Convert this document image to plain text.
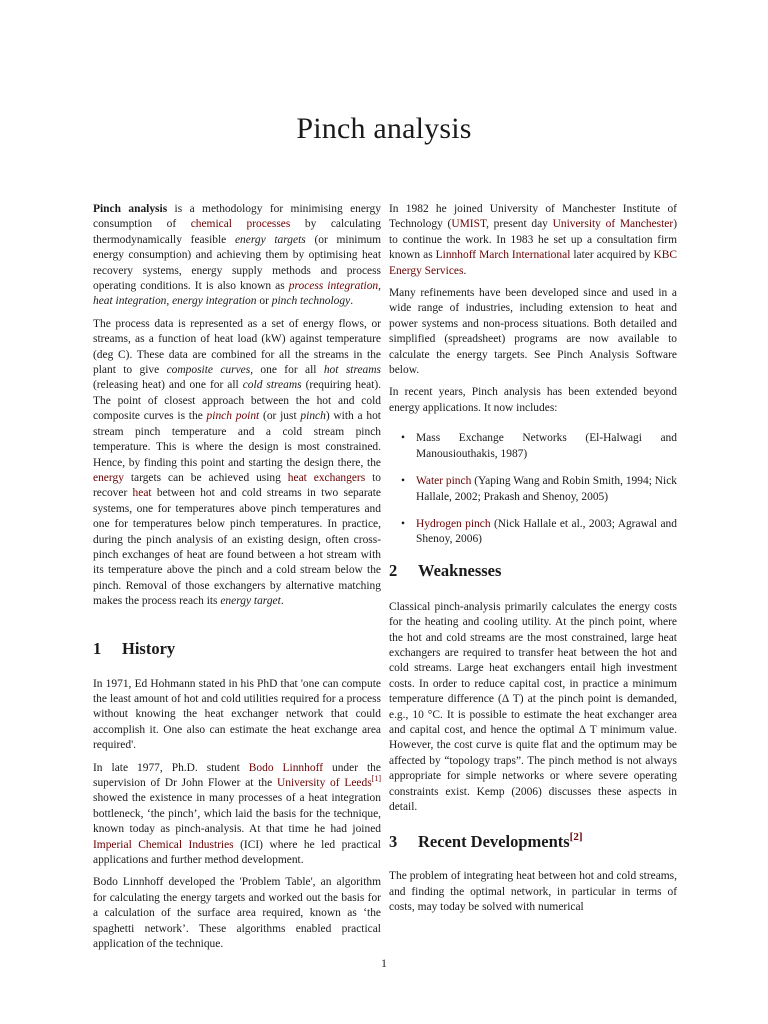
Pinch analysis

Pinch analysis is a methodology for minimising energy consumption of chemical processes by calculating thermodynamically feasible energy targets (or minimum energy consumption) and achieving them by optimising heat recovery systems, energy supply methods and process operating conditions. It is also known as process integration, heat integration, energy integration or pinch technology.

The process data is represented as a set of energy flows, or streams, as a function of heat load (kW) against temperature (deg C). These data are combined for all the streams in the plant to give composite curves, one for all hot streams (releasing heat) and one for all cold streams (requiring heat). The point of closest approach between the hot and cold composite curves is the pinch point (or just pinch) with a hot stream pinch temperature and a cold stream pinch temperature. This is where the design is most constrained. Hence, by finding this point and starting the design there, the energy targets can be achieved using heat exchangers to recover heat between hot and cold streams in two separate systems, one for temperatures above pinch temperatures and one for temperatures below pinch temperatures. In practice, during the pinch analysis of an existing design, often cross-pinch exchanges of heat are found between a hot stream with its temperature above the pinch and a cold stream below the pinch. Removal of those exchangers by alternative matching makes the process reach its energy target.

1 History

In 1971, Ed Hohmann stated in his PhD that 'one can compute the least amount of hot and cold utilities required for a process without knowing the heat exchanger network that could accomplish it. One also can estimate the heat exchange area required'.

In late 1977, Ph.D. student Bodo Linnhoff under the supervision of Dr John Flower at the University of Leeds[1] showed the existence in many processes of a heat integration bottleneck, ‘the pinch’, which laid the basis for the technique, known today as pinch-analysis. At that time he had joined Imperial Chemical Industries (ICI) where he led practical applications and further method development.

Bodo Linnhoff developed the 'Problem Table', an algorithm for calculating the energy targets and worked out the basis for a calculation of the surface area required, known as ‘the spaghetti network’. These algorithms enabled practical application of the technique.

In 1982 he joined University of Manchester Institute of Technology (UMIST, present day University of Manchester) to continue the work. In 1983 he set up a consultation firm known as Linnhoff March International later acquired by KBC Energy Services.

Many refinements have been developed since and used in a wide range of industries, including extension to heat and power systems and non-process situations. Both detailed and simplified (spreadsheet) programs are now available to calculate the energy targets. See Pinch Analysis Software below.

In recent years, Pinch analysis has been extended beyond energy applications. It now includes:

• Mass Exchange Networks (El-Halwagi and Manousiouthakis, 1987)
• Water pinch (Yaping Wang and Robin Smith, 1994; Nick Hallale, 2002; Prakash and Shenoy, 2005)
• Hydrogen pinch (Nick Hallale et al., 2003; Agrawal and Shenoy, 2006)
2 Weaknesses

Classical pinch-analysis primarily calculates the energy costs for the heating and cooling utility. At the pinch point, where the hot and cold streams are the most constrained, large heat exchangers are required to transfer heat between the hot and cold streams. Large heat exchangers entail high investment costs. In order to reduce capital cost, in practice a minimum temperature difference (Δ T) at the pinch point is demanded, e.g., 10 °C. It is possible to estimate the heat exchanger area and capital cost, and hence the optimal Δ T minimum value. However, the cost curve is quite flat and the optimum may be affected by “topology traps”. The pinch method is not always appropriate for simple networks or where severe operating constraints exist. Kemp (2006) discusses these aspects in detail.

3 Recent Developments[2]

The problem of integrating heat between hot and cold streams, and finding the optimal network, in particular in terms of costs, may today be solved with numerical

1
